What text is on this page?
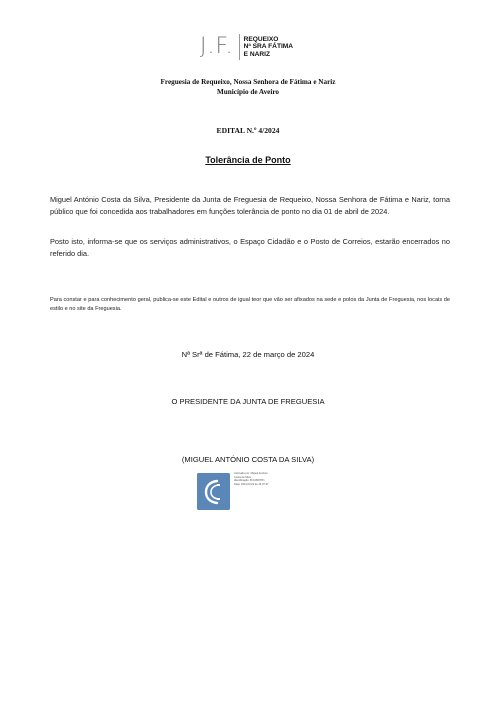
J.F. REQUEIXO
Nª SRA FÁTIMA
E NARIZ
Freguesia de Requeixo, Nossa Senhora de Fátima e Nariz
Município de Aveiro
EDITAL N.º 4/2024
Tolerância de Ponto
Miguel António Costa da Silva, Presidente da Junta de Freguesia de Requeixo, Nossa Senhora de Fátima e Nariz, torna público que foi concedida aos trabalhadores em funções tolerância de ponto no dia 01 de abril de 2024.
Posto isto, informa-se que os serviços administrativos, o Espaço Cidadão e o Posto de Correios, estarão encerrados no referido dia.
Para constar e para conhecimento geral, publica-se este Edital e outros de igual teor que vão ser afixados na sede e polos da Junta de Freguesia, nos locais de estilo e no site da Freguesia.
Nª Srª de Fátima, 22 de março de 2024
O PRESIDENTE DA JUNTA DE FREGUESIA
(MIGUEL ANTÓNIO COSTA DA SILVA)
Assinado por: Miguel António
Costa da Silva
Identificação: BI 10867871
Data: 2024-03-22 às 15:37:37
